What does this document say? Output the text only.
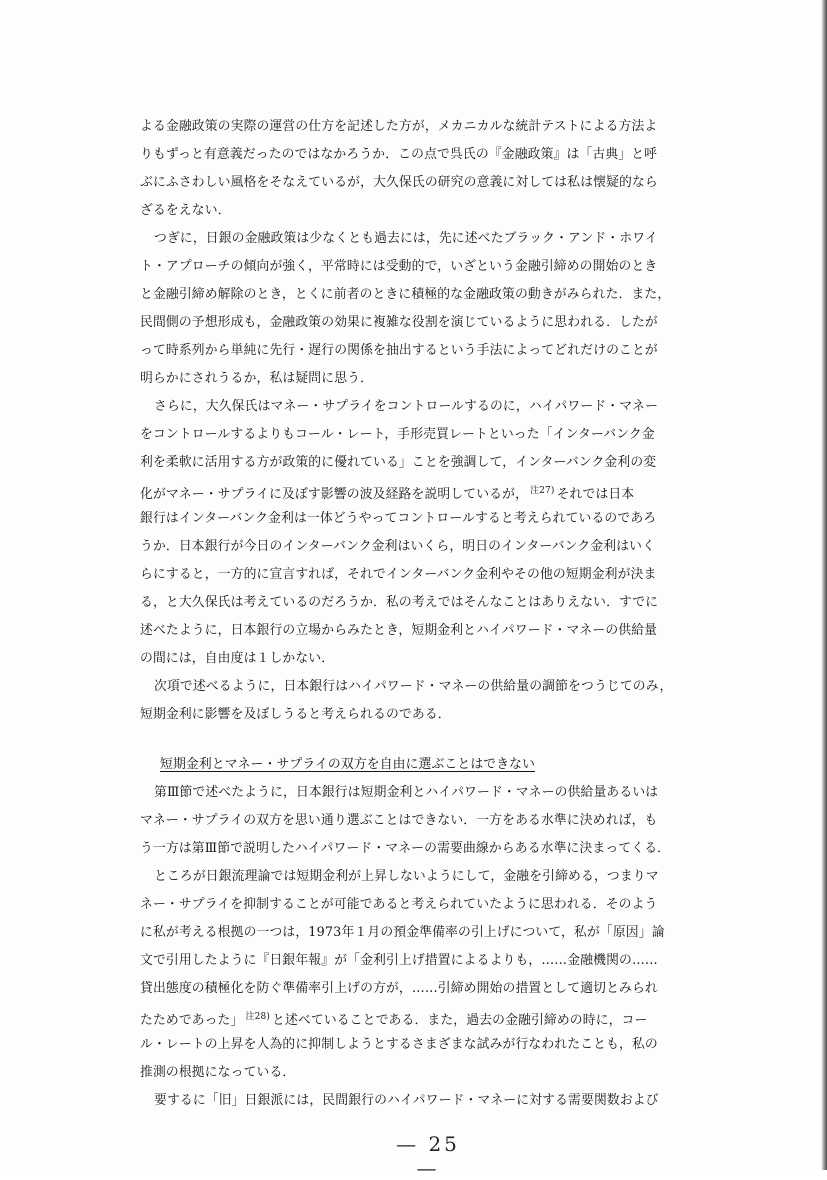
よる金融政策の実際の運営の仕方を記述した方が，メカニカルな統計テストによる方法よ
りもずっと有意義だったのではなかろうか．この点で呉氏の『金融政策』は「古典」と呼
ぶにふさわしい風格をそなえているが，大久保氏の研究の意義に対しては私は懐疑的なら
ざるをえない．
つぎに，日銀の金融政策は少なくとも過去には，先に述べたブラック・アンド・ホワイ
ト・アプローチの傾向が強く，平常時には受動的で，いざという金融引締めの開始のとき
と金融引締め解除のとき，とくに前者のときに積極的な金融政策の動きがみられた．また，
民間側の予想形成も，金融政策の効果に複雑な役割を演じているように思われる．したが
って時系列から単純に先行・遅行の関係を抽出するという手法によってどれだけのことが
明らかにされうるか，私は疑問に思う．
さらに，大久保氏はマネー・サプライをコントロールするのに，ハイパワード・マネー
をコントロールするよりもコール・レート，手形売買レートといった「インターバンク金
利を柔軟に活用する方が政策的に優れている」ことを強調して，インターバンク金利の変
化がマネー・サプライに及ぼす影響の波及経路を説明しているが， $^{注27)}$ それでは日本
銀行はインターバンク金利は一体どうやってコントロールすると考えられているのであろ
うか．日本銀行が今日のインターバンク金利はいくら，明日のインターバンク金利はいく
らにすると，一方的に宣言すれば，それでインターバンク金利やその他の短期金利が決ま
る，と大久保氏は考えているのだろうか．私の考えではそんなことはありえない．すでに
述べたように，日本銀行の立場からみたとき，短期金利とハイパワード・マネーの供給量
の間には，自由度は１しかない．
次項で述べるように，日本銀行はハイパワード・マネーの供給量の調節をつうじてのみ，
短期金利に影響を及ぼしうると考えられるのである．
短期金利とマネー・サプライの双方を自由に選ぶことはできない
第Ⅲ節で述べたように，日本銀行は短期金利とハイパワード・マネーの供給量あるいは
マネー・サプライの双方を思い通り選ぶことはできない．一方をある水準に決めれば，も
う一方は第Ⅲ節で説明したハイパワード・マネーの需要曲線からある水準に決まってくる．
ところが日銀流理論では短期金利が上昇しないようにして，金融を引締める，つまりマ
ネー・サプライを抑制することが可能であると考えられていたように思われる．そのよう
に私が考える根拠の一つは，1973年１月の預金準備率の引上げについて，私が「原因」論
文で引用したように『日銀年報』が「金利引上げ措置によるよりも，……金融機関の……
貸出態度の積極化を防ぐ準備率引上げの方が，……引締め開始の措置として適切とみられ
たためであった」 $^{注28)}$ と述べていることである．また，過去の金融引締めの時に，コー
ル・レートの上昇を人為的に抑制しようとするさまざまな試みが行なわれたことも，私の
推測の根拠になっている．
要するに「旧」日銀派には，民間銀行のハイパワード・マネーに対する需要関数および
— 25 —
